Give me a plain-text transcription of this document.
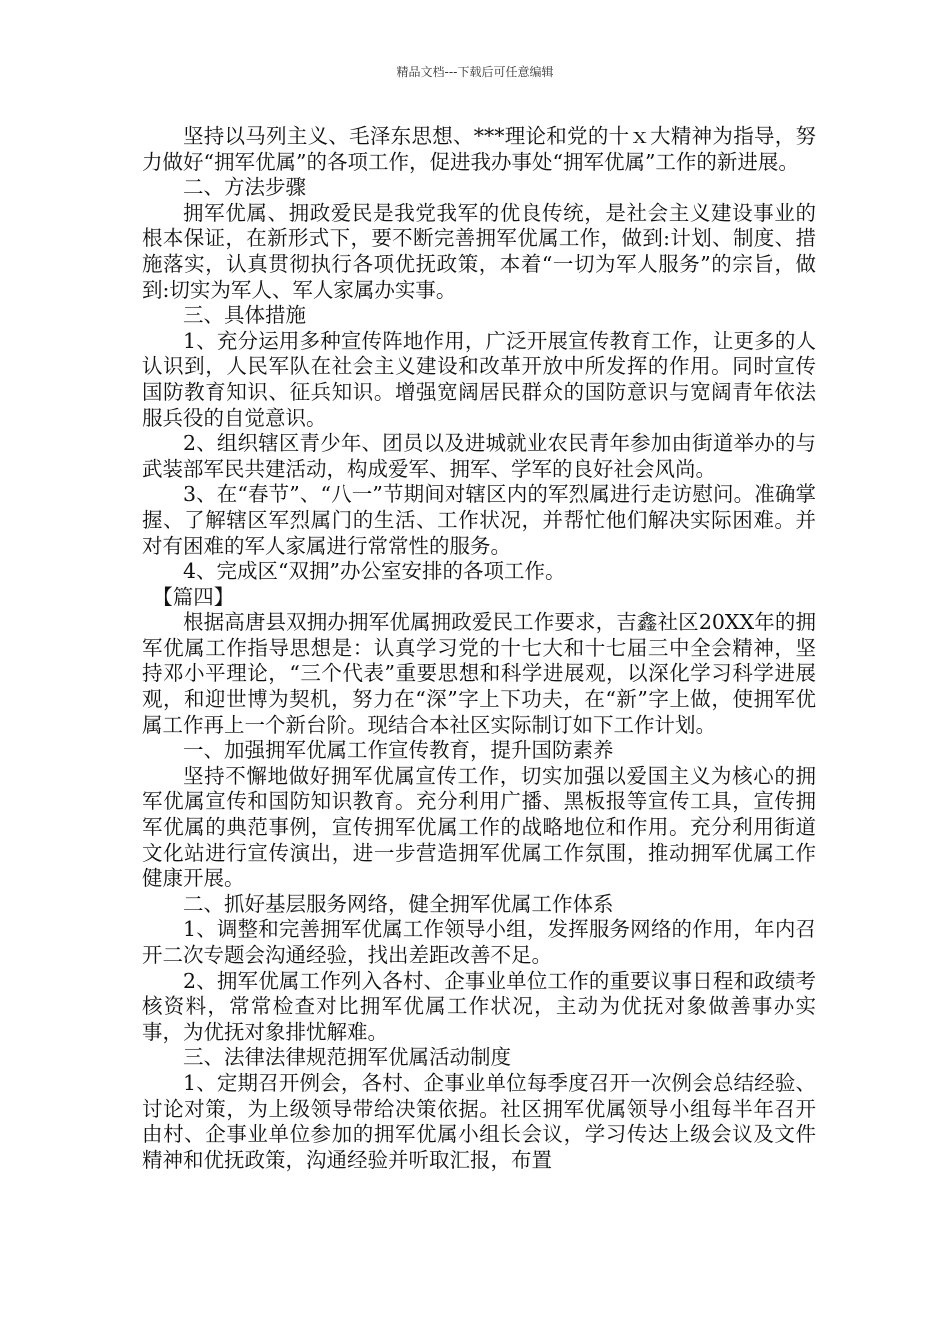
精品文档---下载后可任意编辑

坚持以马列主义、毛泽东思想、***理论和党的十ｘ大精神为指导，努力做好“拥军优属”的各项工作，促进我办事处“拥军优属”工作的新进展。

二、方法步骤

拥军优属、拥政爱民是我党我军的优良传统，是社会主义建设事业的根本保证，在新形式下，要不断完善拥军优属工作，做到:计划、制度、措施落实，认真贯彻执行各项优抚政策，本着“一切为军人服务”的宗旨，做到:切实为军人、军人家属办实事。

三、具体措施

1、充分运用多种宣传阵地作用，广泛开展宣传教育工作，让更多的人认识到，人民军队在社会主义建设和改革开放中所发挥的作用。同时宣传国防教育知识、征兵知识。增强宽阔居民群众的国防意识与宽阔青年依法服兵役的自觉意识。

2、组织辖区青少年、团员以及进城就业农民青年参加由街道举办的与武装部军民共建活动，构成爱军、拥军、学军的良好社会风尚。

3、在“春节”、“八一”节期间对辖区内的军烈属进行走访慰问。准确掌握、了解辖区军烈属门的生活、工作状况，并帮忙他们解决实际困难。并对有困难的军人家属进行常常性的服务。

4、完成区“双拥”办公室安排的各项工作。

【篇四】

根据高唐县双拥办拥军优属拥政爱民工作要求，吉鑫社区20XX年的拥军优属工作指导思想是：认真学习党的十七大和十七届三中全会精神，坚持邓小平理论，“三个代表”重要思想和科学进展观，以深化学习科学进展观，和迎世博为契机，努力在“深”字上下功夫，在“新”字上做，使拥军优属工作再上一个新台阶。现结合本社区实际制订如下工作计划。

一、加强拥军优属工作宣传教育，提升国防素养

坚持不懈地做好拥军优属宣传工作，切实加强以爱国主义为核心的拥军优属宣传和国防知识教育。充分利用广播、黑板报等宣传工具，宣传拥军优属的典范事例，宣传拥军优属工作的战略地位和作用。充分利用街道文化站进行宣传演出，进一步营造拥军优属工作氛围，推动拥军优属工作健康开展。

二、抓好基层服务网络，健全拥军优属工作体系

1、调整和完善拥军优属工作领导小组，发挥服务网络的作用，年内召开二次专题会沟通经验，找出差距改善不足。

2、拥军优属工作列入各村、企事业单位工作的重要议事日程和政绩考核资料，常常检查对比拥军优属工作状况，主动为优抚对象做善事办实事，为优抚对象排忧解难。

三、法律法律规范拥军优属活动制度

1、定期召开例会，各村、企事业单位每季度召开一次例会总结经验、讨论对策，为上级领导带给决策依据。社区拥军优属领导小组每半年召开由村、企事业单位参加的拥军优属小组长会议，学习传达上级会议及文件精神和优抚政策，沟通经验并听取汇报，布置
